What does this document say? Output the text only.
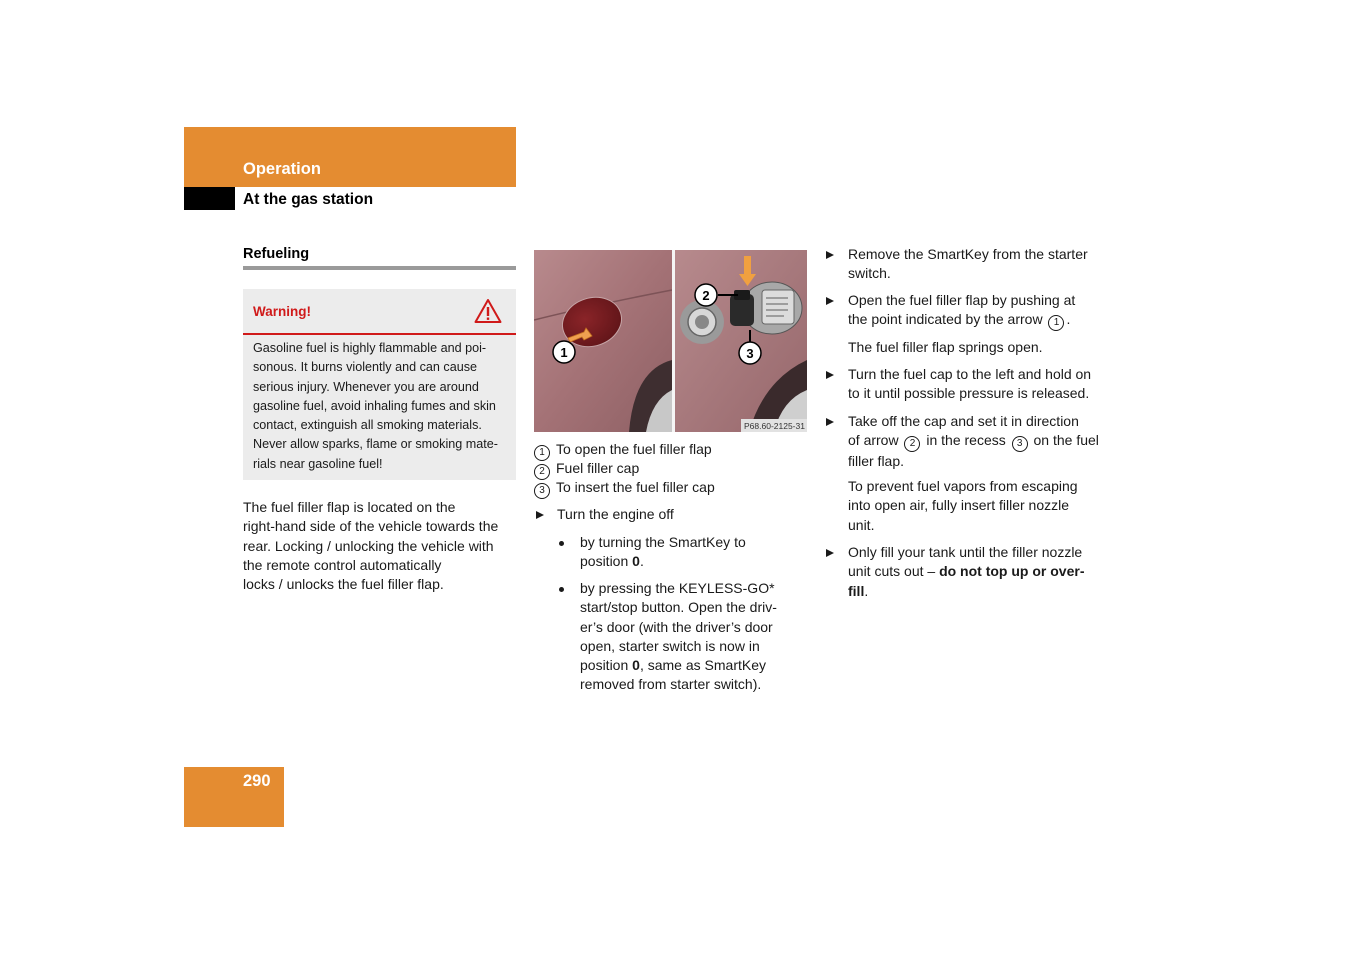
Operation
At the gas station
Refueling
Warning!
Gasoline fuel is highly flammable and poi-
sonous. It burns violently and can cause
serious injury. Whenever you are around
gasoline fuel, avoid inhaling fumes and skin
contact, extinguish all smoking materials.
Never allow sparks, flame or smoking mate-
rials near gasoline fuel!
The fuel filler flap is located on the
right-hand side of the vehicle towards the
rear. Locking / unlocking the vehicle with
the remote control automatically
locks / unlocks the fuel filler flap.
P68.60-2125-31
1
2
3
1 To open the fuel filler flap
2 Fuel filler cap
3 To insert the fuel filler cap
Turn the engine off
by turning the SmartKey to
position 0.
by pressing the KEYLESS-GO*
start/stop button. Open the driv-
er’s door (with the driver’s door
open, starter switch is now in
position 0, same as SmartKey
removed from starter switch).
Remove the SmartKey from the starter
switch.
Open the fuel filler flap by pushing at
the point indicated by the arrow 1 .
The fuel filler flap springs open.
Turn the fuel cap to the left and hold on
to it until possible pressure is released.
Take off the cap and set it in direction
of arrow 2 in the recess 3 on the fuel
filler flap.
To prevent fuel vapors from escaping
into open air, fully insert filler nozzle
unit.
Only fill your tank until the filler nozzle
unit cuts out – do not top up or over-
fill.
290
